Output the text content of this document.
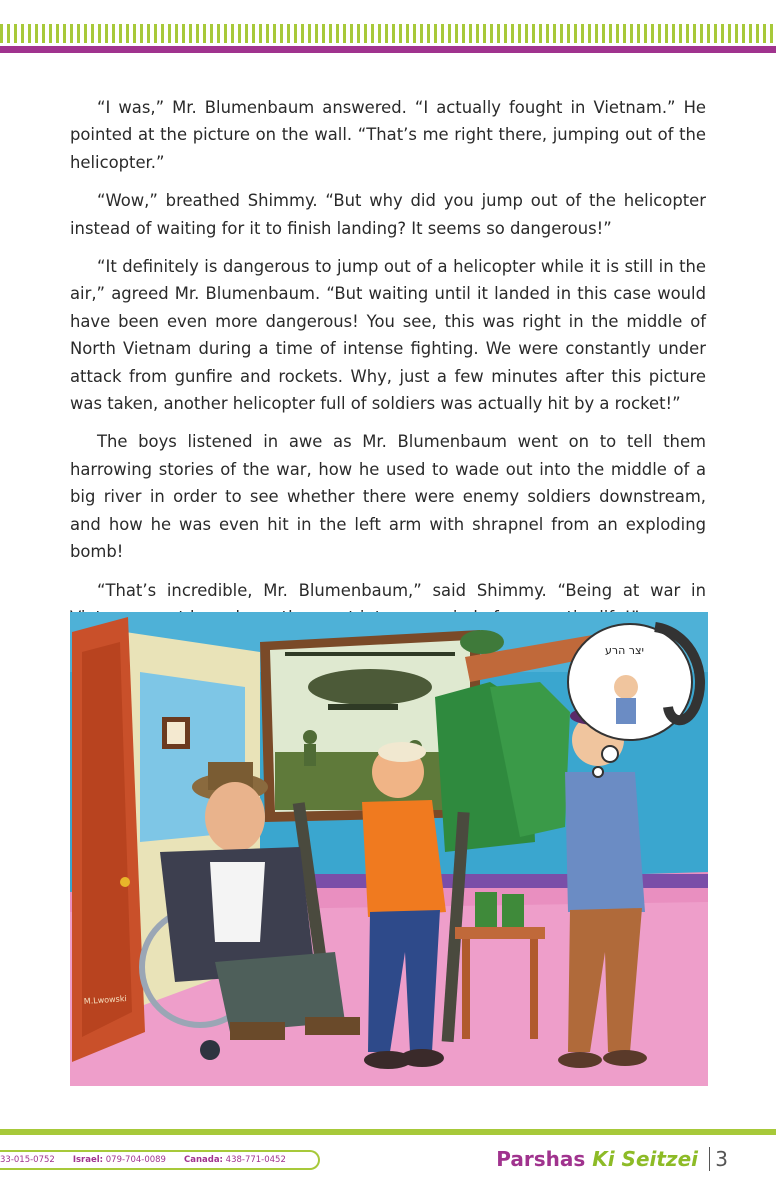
“I was,” Mr. Blumenbaum answered. “I actually fought in Vietnam.” He pointed at the picture on the wall. “That’s me right there, jumping out of the helicopter.”

“Wow,” breathed Shimmy. “But why did you jump out of the helicopter instead of waiting for it to finish landing? It seems so dangerous!”

“It definitely is dangerous to jump out of a helicopter while it is still in the air,” agreed Mr. Blumenbaum. “But waiting until it landed in this case would have been even more dangerous! You see, this was right in the middle of North Vietnam during a time of intense fighting. We were constantly under attack from gunfire and rockets. Why, just a few minutes after this picture was taken, another helicopter full of soldiers was actually hit by a rocket!”

The boys listened in awe as Mr. Blumenbaum went on to tell them harrowing stories of the war, how he used to wade out into the middle of a big river in order to see whether there were enemy soldiers downstream, and how he was even hit in the left arm with shrapnel from an exploding bomb!

“That’s incredible, Mr. Blumenbaum,” said Shimmy. “Being at war in

יצר הרע
M.Lwowski
33-015-0752 Israel: 079-704-0089 Canada: 438-771-0452	Parshas Ki Seitzei 3
